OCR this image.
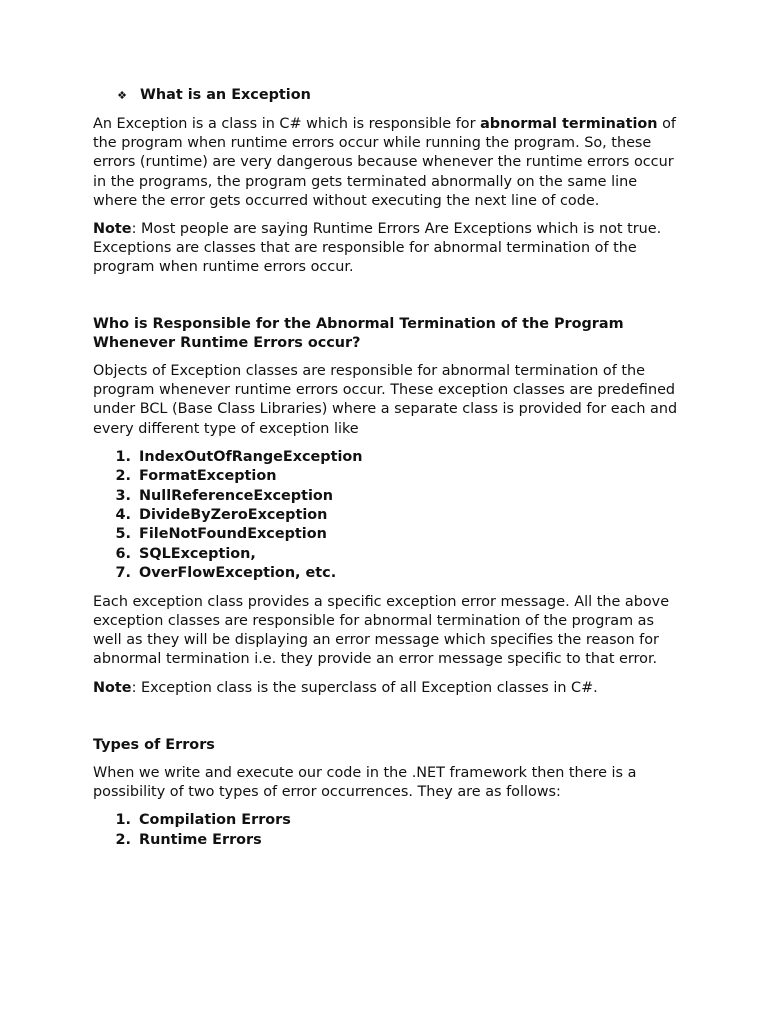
❖ What is an Exception

An Exception is a class in C# which is responsible for abnormal termination of the program when runtime errors occur while running the program. So, these errors (runtime) are very dangerous because whenever the runtime errors occur in the programs, the program gets terminated abnormally on the same line where the error gets occurred without executing the next line of code.

Note: Most people are saying Runtime Errors Are Exceptions which is not true. Exceptions are classes that are responsible for abnormal termination of the program when runtime errors occur.

Who is Responsible for the Abnormal Termination of the Program Whenever Runtime Errors occur?

Objects of Exception classes are responsible for abnormal termination of the program whenever runtime errors occur. These exception classes are predefined under BCL (Base Class Libraries) where a separate class is provided for each and every different type of exception like

1. IndexOutOfRangeException
2. FormatException
3. NullReferenceException
4. DivideByZeroException
5. FileNotFoundException
6. SQLException,
7. OverFlowException, etc.

Each exception class provides a specific exception error message. All the above exception classes are responsible for abnormal termination of the program as well as they will be displaying an error message which specifies the reason for abnormal termination i.e. they provide an error message specific to that error.

Note: Exception class is the superclass of all Exception classes in C#.

Types of Errors

When we write and execute our code in the .NET framework then there is a possibility of two types of error occurrences. They are as follows:

1. Compilation Errors
2. Runtime Errors
